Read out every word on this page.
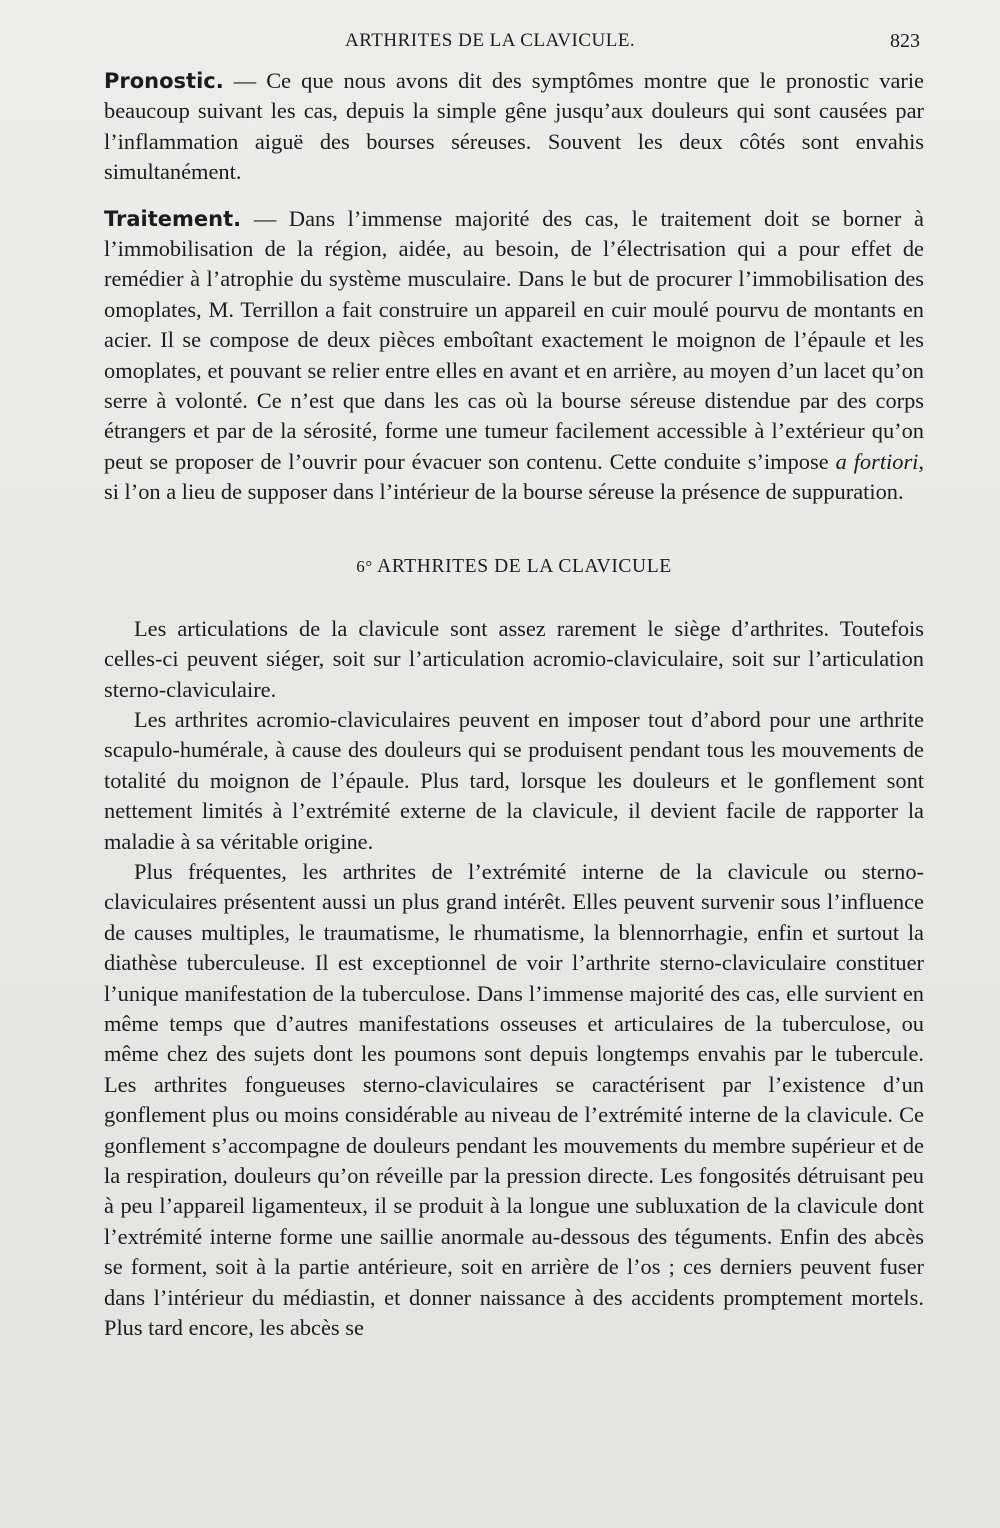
ARTHRITES DE LA CLAVICULE.	823

Pronostic. — Ce que nous avons dit des symptômes montre que le pronostic varie beaucoup suivant les cas, depuis la simple gêne jusqu’aux douleurs qui sont causées par l’inflammation aiguë des bourses séreuses. Souvent les deux côtés sont envahis simultanément.

Traitement. — Dans l’immense majorité des cas, le traitement doit se borner à l’immobilisation de la région, aidée, au besoin, de l’électrisation qui a pour effet de remédier à l’atrophie du système musculaire. Dans le but de procurer l’immobilisation des omoplates, M. Terrillon a fait construire un appareil en cuir moulé pourvu de montants en acier. Il se compose de deux pièces emboîtant exactement le moignon de l’épaule et les omoplates, et pouvant se relier entre elles en avant et en arrière, au moyen d’un lacet qu’on serre à volonté. Ce n’est que dans les cas où la bourse séreuse distendue par des corps étrangers et par de la sérosité, forme une tumeur facilement accessible à l’extérieur qu’on peut se proposer de l’ouvrir pour évacuer son contenu. Cette conduite s’impose a fortiori, si l’on a lieu de supposer dans l’intérieur de la bourse séreuse la présence de suppuration.

6° ARTHRITES DE LA CLAVICULE

Les articulations de la clavicule sont assez rarement le siège d’arthrites. Toutefois celles-ci peuvent siéger, soit sur l’articulation acromio-claviculaire, soit sur l’articulation sterno-claviculaire.

Les arthrites acromio-claviculaires peuvent en imposer tout d’abord pour une arthrite scapulo-humérale, à cause des douleurs qui se produisent pendant tous les mouvements de totalité du moignon de l’épaule. Plus tard, lorsque les douleurs et le gonflement sont nettement limités à l’extrémité externe de la clavicule, il devient facile de rapporter la maladie à sa véritable origine.

Plus fréquentes, les arthrites de l’extrémité interne de la clavicule ou sterno-claviculaires présentent aussi un plus grand intérêt. Elles peuvent survenir sous l’influence de causes multiples, le traumatisme, le rhumatisme, la blennorrhagie, enfin et surtout la diathèse tuberculeuse. Il est exceptionnel de voir l’arthrite sterno-claviculaire constituer l’unique manifestation de la tuberculose. Dans l’immense majorité des cas, elle survient en même temps que d’autres manifestations osseuses et articulaires de la tuberculose, ou même chez des sujets dont les poumons sont depuis longtemps envahis par le tubercule. Les arthrites fongueuses sterno-claviculaires se caractérisent par l’existence d’un gonflement plus ou moins considérable au niveau de l’extrémité interne de la clavicule. Ce gonflement s’accompagne de douleurs pendant les mouvements du membre supérieur et de la respiration, douleurs qu’on réveille par la pression directe. Les fongosités détruisant peu à peu l’appareil ligamenteux, il se produit à la longue une subluxation de la clavicule dont l’extrémité interne forme une saillie anormale au-dessous des téguments. Enfin des abcès se forment, soit à la partie antérieure, soit en arrière de l’os ; ces derniers peuvent fuser dans l’intérieur du médiastin, et donner naissance à des accidents promptement mortels. Plus tard encore, les abcès se
